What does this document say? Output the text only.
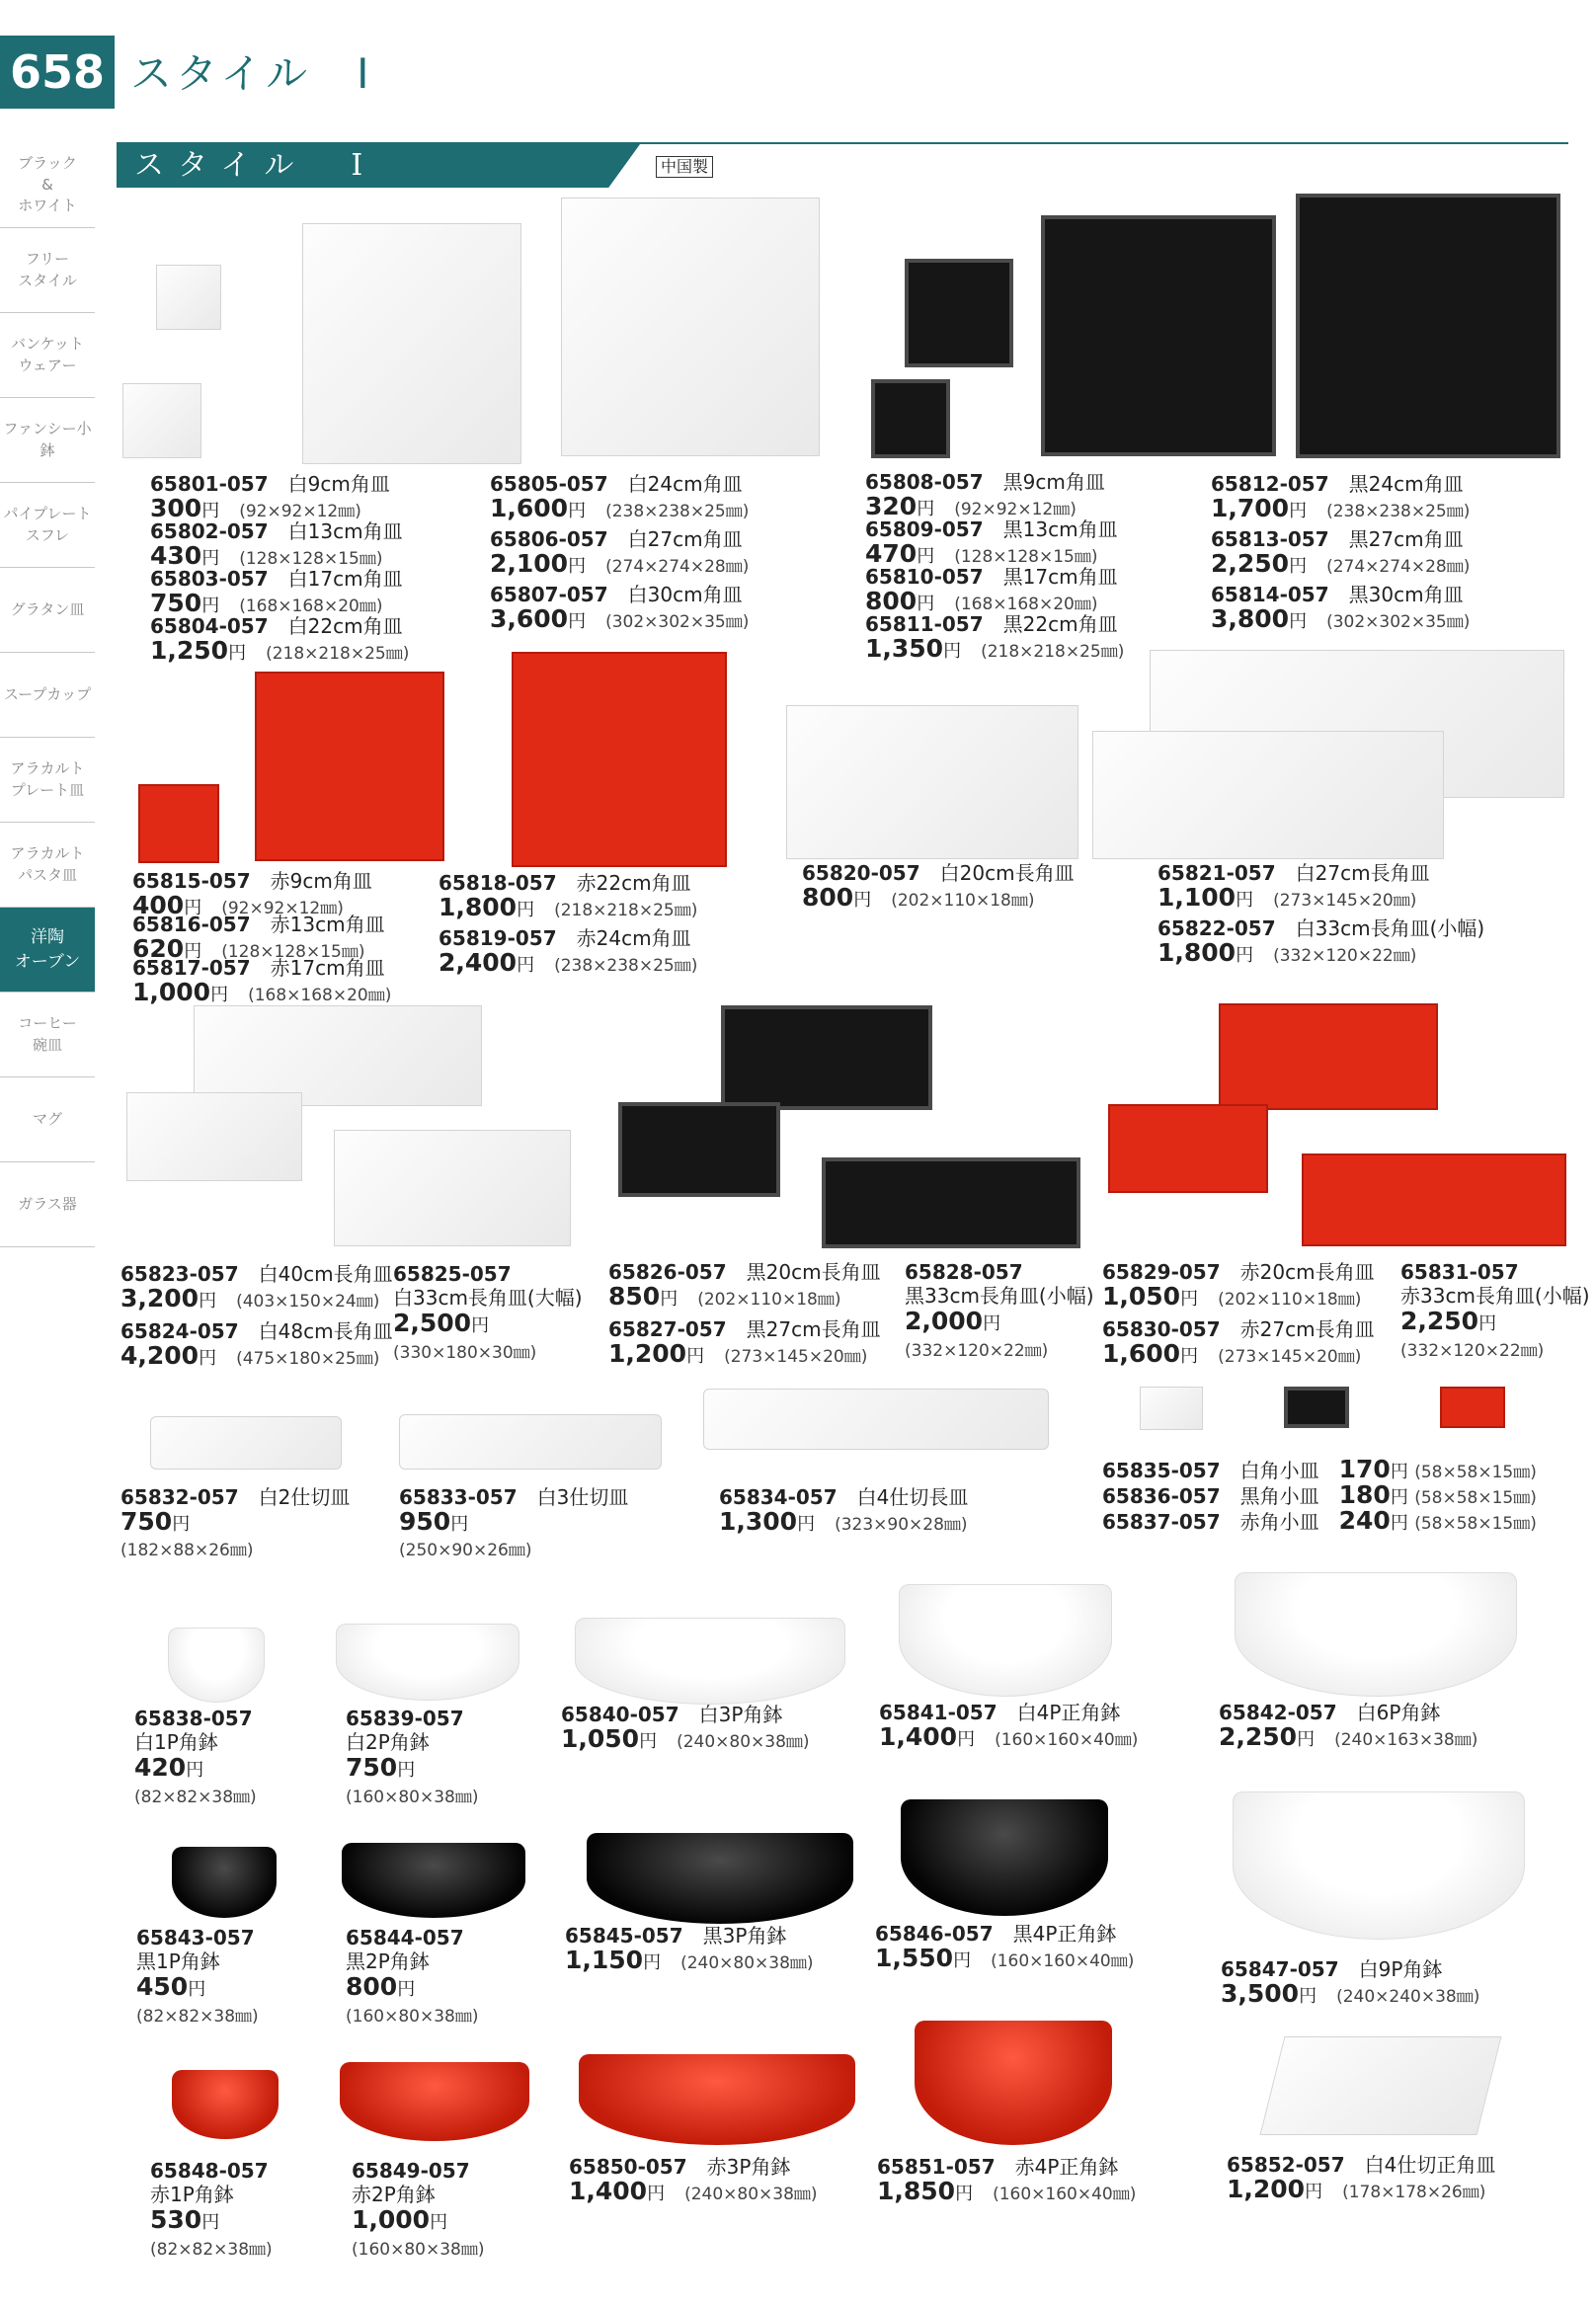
658 スタイル　I
ブラック
&
ホワイト
フリー
スタイル
バンケット
ウェアー
ファンシー小鉢
パイプレート
スフレ
グラタン皿
スープカップ
アラカルト
プレート皿
アラカルト
パスタ皿
洋陶
オーブン
コーヒー
碗皿
マグ
ガラス器
スタイル　I	中国製
65801-057　 白9cm角皿
300円　 (92×92×12㎜)
65802-057　 白13cm角皿
430円　 (128×128×15㎜)
65803-057　 白17cm角皿
750円　 (168×168×20㎜)
65804-057　 白22cm角皿
1,250円　 (218×218×25㎜)
65805-057　 白24cm角皿
1,600円　 (238×238×25㎜)
65806-057　 白27cm角皿
2,100円　 (274×274×28㎜)
65807-057　 白30cm角皿
3,600円　 (302×302×35㎜)
65808-057　 黒9cm角皿
320円　 (92×92×12㎜)
65809-057　 黒13cm角皿
470円　 (128×128×15㎜)
65810-057　 黒17cm角皿
800円　 (168×168×20㎜)
65811-057　 黒22cm角皿
1,350円　 (218×218×25㎜)
65812-057　 黒24cm角皿
1,700円　 (238×238×25㎜)
65813-057　 黒27cm角皿
2,250円　 (274×274×28㎜)
65814-057　 黒30cm角皿
3,800円　 (302×302×35㎜)
65815-057　 赤9cm角皿
400円　 (92×92×12㎜)
65816-057　 赤13cm角皿
620円　 (128×128×15㎜)
65817-057　 赤17cm角皿
1,000円　 (168×168×20㎜)
65818-057　 赤22cm角皿
1,800円　 (218×218×25㎜)
65819-057　 赤24cm角皿
2,400円　 (238×238×25㎜)
65820-057　 白20cm長角皿
800円　 (202×110×18㎜)
65821-057　 白27cm長角皿
1,100円　 (273×145×20㎜)
65822-057　 白33cm長角皿(小幅)
1,800円　 (332×120×22㎜)
65823-057　 白40cm長角皿
3,200円　 (403×150×24㎜)
65824-057　 白48cm長角皿
4,200円　 (475×180×25㎜)
65825-057
白33cm長角皿(大幅)
2,500円
(330×180×30㎜)
65826-057　 黒20cm長角皿
850円　 (202×110×18㎜)
65827-057　 黒27cm長角皿
1,200円　 (273×145×20㎜)
65828-057
黒33cm長角皿(小幅)
2,000円
(332×120×22㎜)
65829-057　 赤20cm長角皿
1,050円　 (202×110×18㎜)
65830-057　 赤27cm長角皿
1,600円　 (273×145×20㎜)
65831-057
赤33cm長角皿(小幅)
2,250円
(332×120×22㎜)
65832-057　 白2仕切皿
750円
(182×88×26㎜)
65833-057　 白3仕切皿
950円
(250×90×26㎜)
65834-057　 白4仕切長皿
1,300円　 (323×90×28㎜)
65835-057　 白角小皿　 170円 (58×58×15㎜)
65836-057　 黒角小皿　 180円 (58×58×15㎜)
65837-057　 赤角小皿　 240円 (58×58×15㎜)
65838-057
白1P角鉢
420円
(82×82×38㎜)
65839-057
白2P角鉢
750円
(160×80×38㎜)
65840-057　 白3P角鉢
1,050円　 (240×80×38㎜)
65841-057　 白4P正角鉢
1,400円　 (160×160×40㎜)
65842-057　 白6P角鉢
2,250円　 (240×163×38㎜)
65843-057
黒1P角鉢
450円
(82×82×38㎜)
65844-057
黒2P角鉢
800円
(160×80×38㎜)
65845-057　 黒3P角鉢
1,150円　 (240×80×38㎜)
65846-057　 黒4P正角鉢
1,550円　 (160×160×40㎜)	65847-057　 白9P角鉢
3,500円　 (240×240×38㎜)
65848-057
赤1P角鉢
530円
(82×82×38㎜)
65849-057
赤2P角鉢
1,000円
(160×80×38㎜)
65850-057　 赤3P角鉢
1,400円　 (240×80×38㎜)
65851-057　 赤4P正角鉢
1,850円　 (160×160×40㎜)
65852-057　 白4仕切正角皿
1,200円　 (178×178×26㎜)
